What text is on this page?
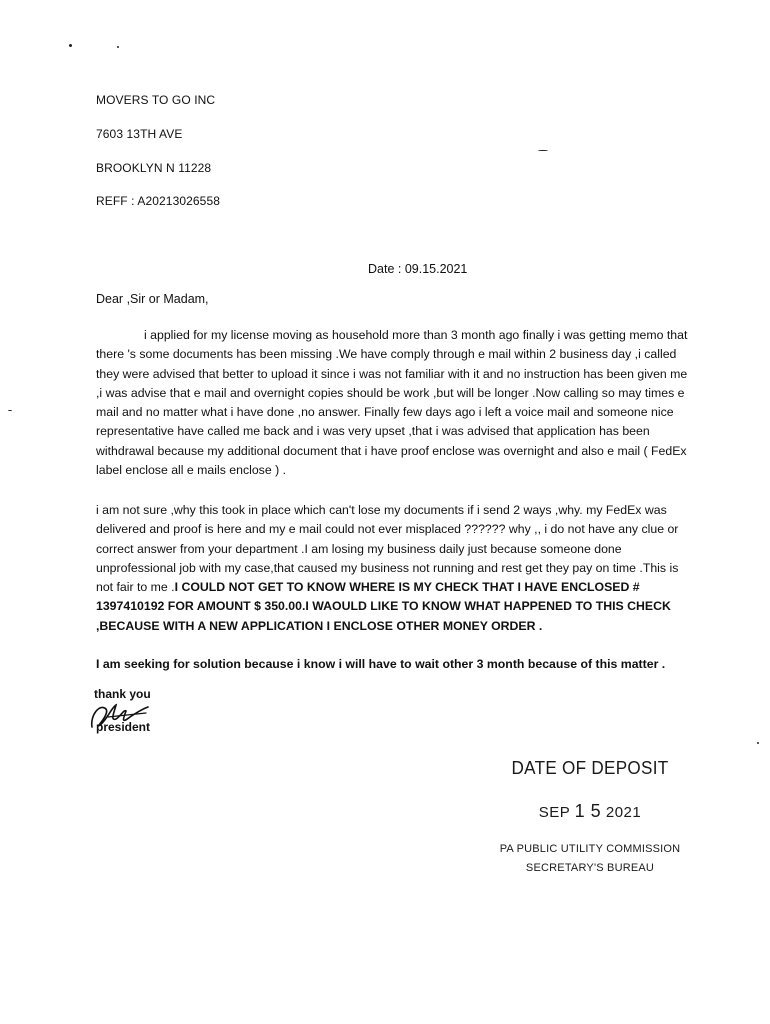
MOVERS TO GO INC
7603 13TH AVE
BROOKLYN N 11228
REFF : A20213026558
Date : 09.15.2021
Dear ,Sir or Madam,

i applied for my license moving as household more than 3 month ago finally i was getting memo that there 's some documents has been missing .We have comply through e mail within 2 business day ,i called they were advised that better to upload it since i was not familiar with it and no instruction has been given me ,i was advise that e mail and overnight copies should be work ,but will be longer .Now calling so may times e mail and no matter what i have done ,no answer. Finally few days ago i left a voice mail and someone nice representative have called me back and i was very upset ,that i was advised that application has been withdrawal because my additional document that i have proof enclose was overnight and also e mail ( FedEx label enclose all e mails enclose ) .

i am not sure ,why this took in place which can't lose my documents if i send 2 ways ,why. my FedEx was delivered and proof is here and my e mail could not ever misplaced ?????? why ,, i do not have any clue or correct answer from your department .I am losing my business daily just because someone done unprofessional job with my case,that caused my business not running and rest get they pay on time .This is not fair to me .I COULD NOT GET TO KNOW WHERE IS MY CHECK THAT I HAVE ENCLOSED # 1397410192 FOR AMOUNT $ 350.00.I WAOULD LIKE TO KNOW WHAT HAPPENED TO THIS CHECK ,BECAUSE WITH A NEW APPLICATION I ENCLOSE OTHER MONEY ORDER .

I am seeking for solution because i know i will have to wait other 3 month because of this matter .

thank you
president
DATE OF DEPOSIT
SEP 1 5 2021
PA PUBLIC UTILITY COMMISSION
SECRETARY'S BUREAU
